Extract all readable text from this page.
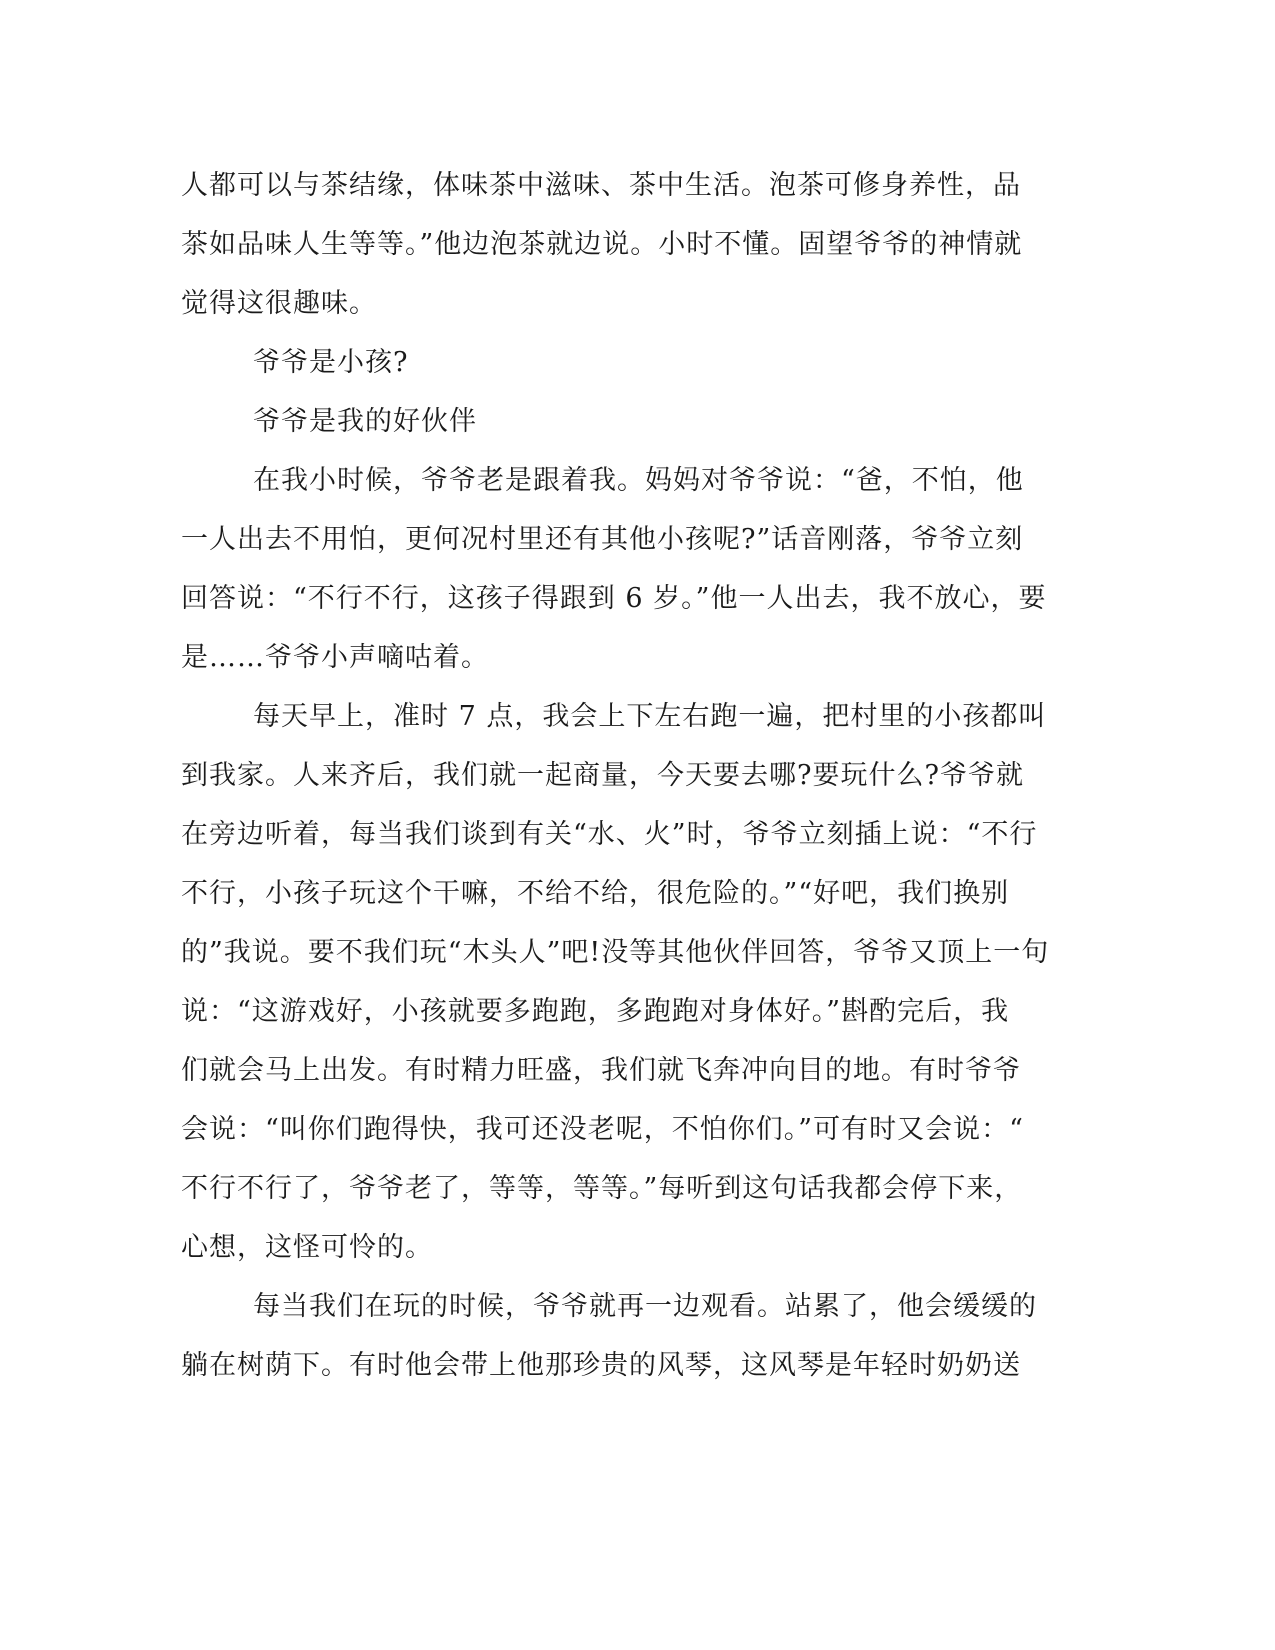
人都可以与茶结缘，体味茶中滋味、茶中生活。泡茶可修身养性，品
茶如品味人生等等。”他边泡茶就边说。小时不懂。固望爷爷的神情就
觉得这很趣味。
爷爷是小孩?
爷爷是我的好伙伴
在我小时候，爷爷老是跟着我。妈妈对爷爷说：“爸，不怕，他
一人出去不用怕，更何况村里还有其他小孩呢?”话音刚落，爷爷立刻
回答说：“不行不行，这孩子得跟到 6 岁。”他一人出去，我不放心，要
是……爷爷小声嘀咕着。
每天早上，准时 7 点，我会上下左右跑一遍，把村里的小孩都叫
到我家。人来齐后，我们就一起商量，今天要去哪?要玩什么?爷爷就
在旁边听着，每当我们谈到有关“水、火”时，爷爷立刻插上说：“不行
不行，小孩子玩这个干嘛，不给不给，很危险的。”“好吧，我们换别
的”我说。要不我们玩“木头人”吧!没等其他伙伴回答，爷爷又顶上一句
说：“这游戏好，小孩就要多跑跑，多跑跑对身体好。”斟酌完后，我
们就会马上出发。有时精力旺盛，我们就飞奔冲向目的地。有时爷爷
会说：“叫你们跑得快，我可还没老呢，不怕你们。”可有时又会说：“
不行不行了，爷爷老了，等等，等等。”每听到这句话我都会停下来，
心想，这怪可怜的。
每当我们在玩的时候，爷爷就再一边观看。站累了，他会缓缓的
躺在树荫下。有时他会带上他那珍贵的风琴，这风琴是年轻时奶奶送
